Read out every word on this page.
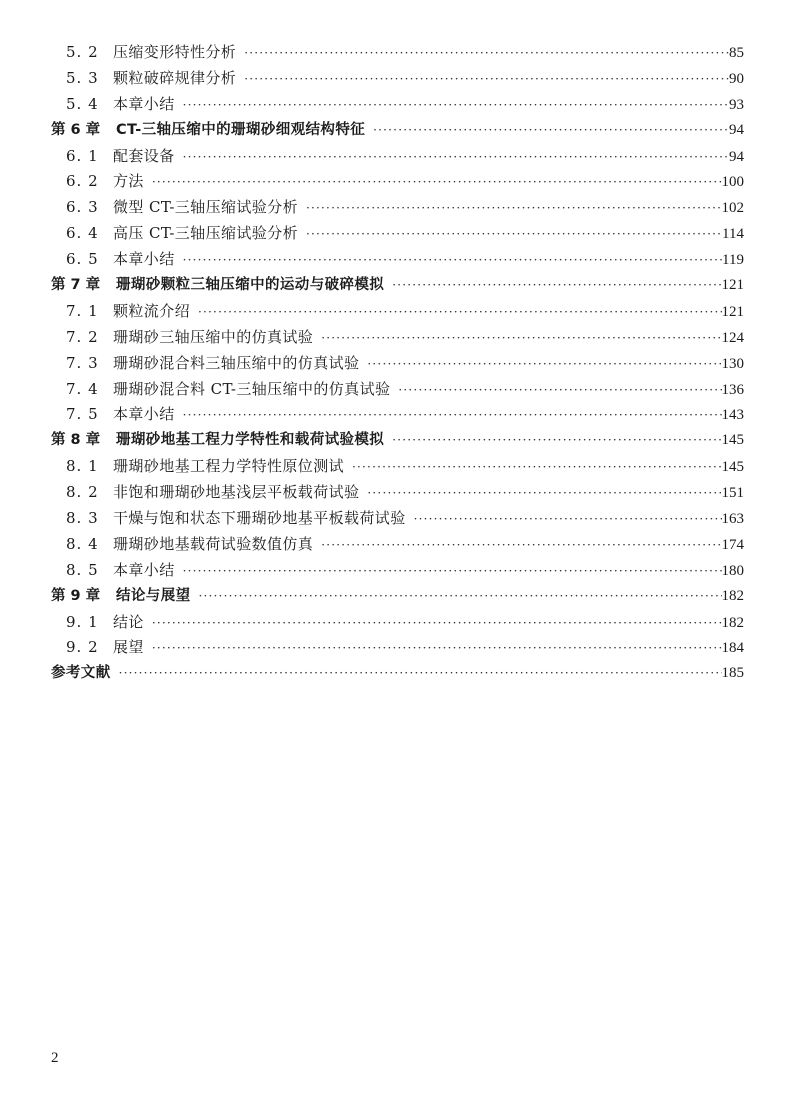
5. 2 压缩变形特性分析 ·····	85
5. 3 颗粒破碎规律分析 ·····	90
5. 4 本章小结 ·····	93
第 6 章	CT-三轴压缩中的珊瑚砂细观结构特征 ·····	94
6. 1 配套设备 ·····	94
6. 2 方法 ·····	100
6. 3 微型 CT-三轴压缩试验分析 ·····	102
6. 4 高压 CT-三轴压缩试验分析 ·····	114
6. 5 本章小结 ·····	119
第 7 章	珊瑚砂颗粒三轴压缩中的运动与破碎模拟 ·····	121
7. 1 颗粒流介绍 ·····	121
7. 2 珊瑚砂三轴压缩中的仿真试验 ·····	124
7. 3 珊瑚砂混合料三轴压缩中的仿真试验 ·····	130
7. 4 珊瑚砂混合料 CT-三轴压缩中的仿真试验 ·····	136
7. 5 本章小结 ·····	143
第 8 章	珊瑚砂地基工程力学特性和载荷试验模拟 ·····	145
8. 1 珊瑚砂地基工程力学特性原位测试 ·····	145
8. 2 非饱和珊瑚砂地基浅层平板载荷试验 ·····	151
8. 3 干燥与饱和状态下珊瑚砂地基平板载荷试验 ·····	163
8. 4 珊瑚砂地基载荷试验数值仿真 ·····	174
8. 5 本章小结 ·····	180
第 9 章	结论与展望 ·····	182
9. 1 结论 ·····	182
9. 2 展望 ·····	184
参考文献 ·····	185
2
